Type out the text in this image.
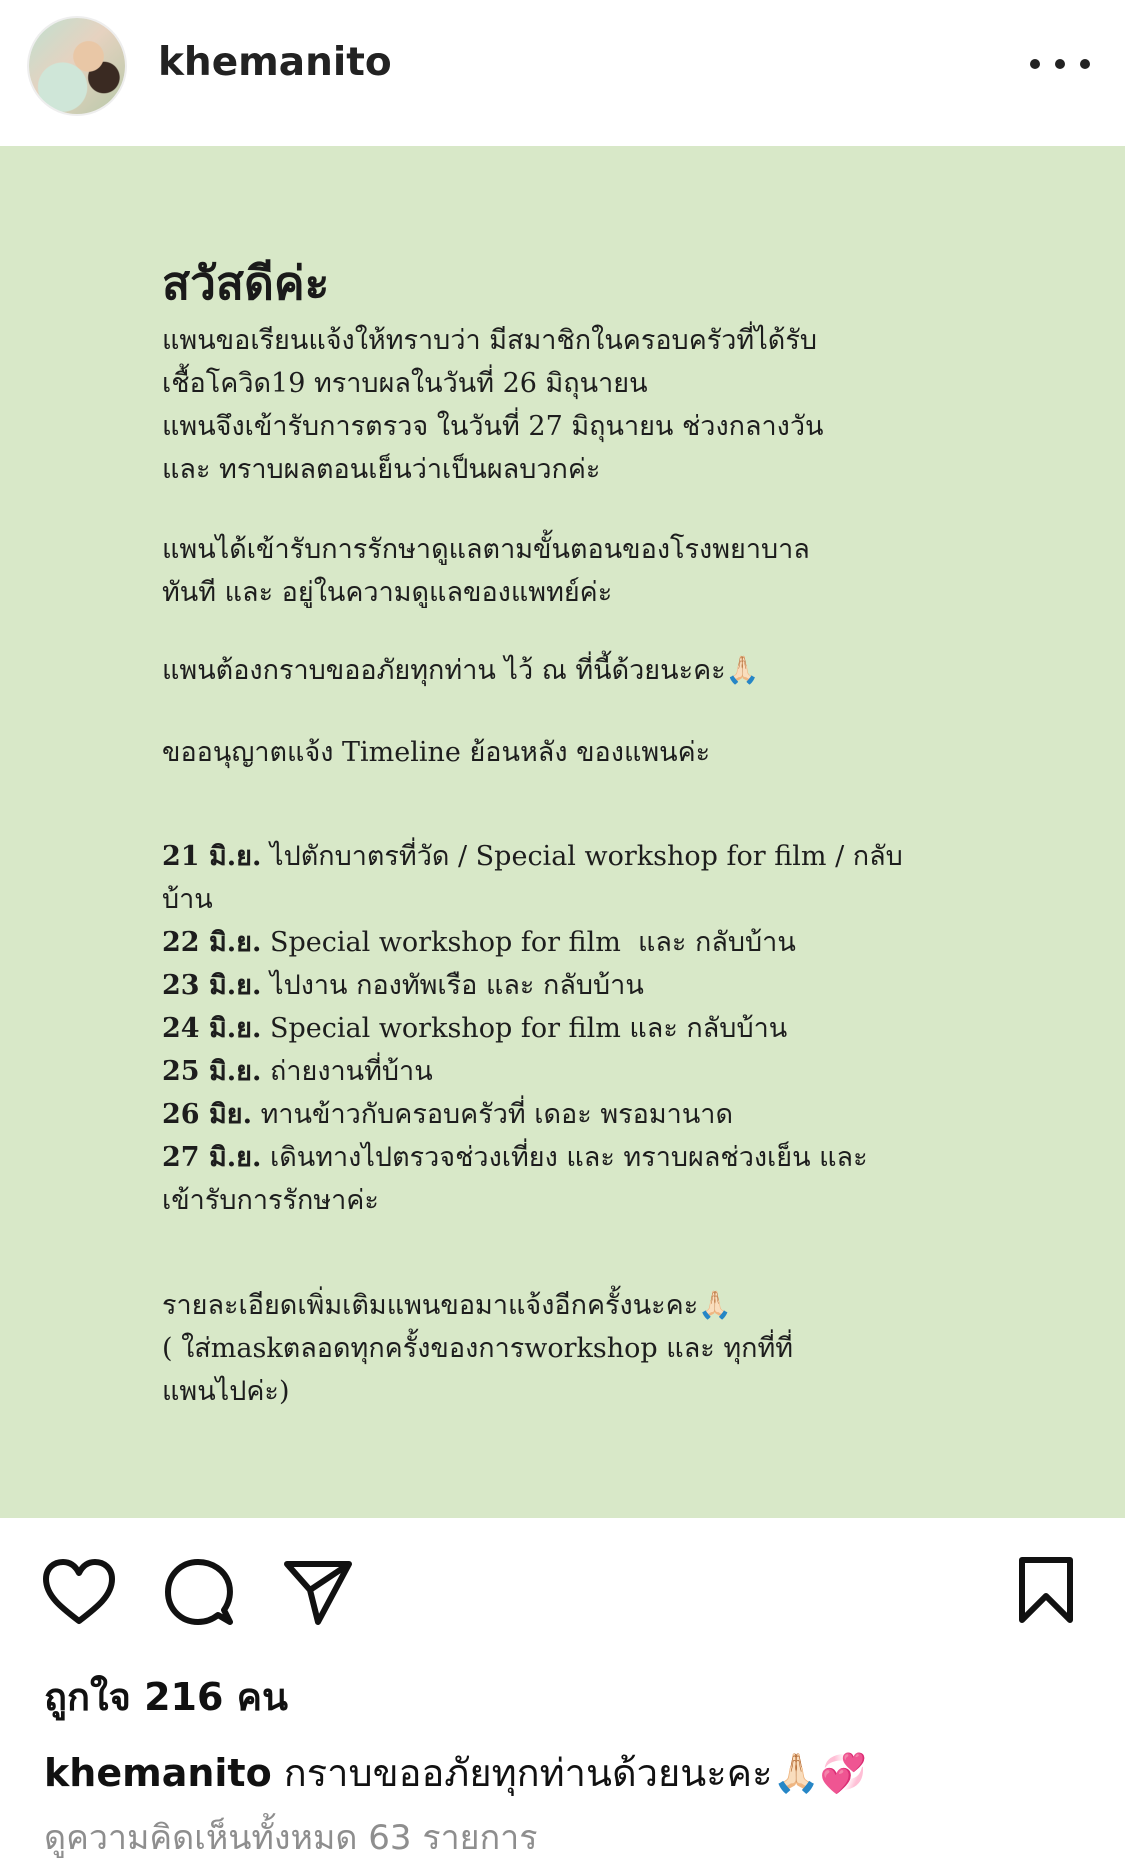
khemanito
สวัสดีค่ะ
แพนขอเรียนแจ้งให้ทราบว่า มีสมาชิกในครอบครัวที่ได้รับ
เชื้อโควิด19 ทราบผลในวันที่ 26 มิถุนายน
แพนจึงเข้ารับการตรวจ ในวันที่ 27 มิถุนายน ช่วงกลางวัน
และ ทราบผลตอนเย็นว่าเป็นผลบวกค่ะ
แพนได้เข้ารับการรักษาดูแลตามขั้นตอนของโรงพยาบาล
ทันที และ อยู่ในความดูแลของแพทย์ค่ะ
แพนต้องกราบขออภัยทุกท่าน ไว้ ณ ที่นี้ด้วยนะคะ🙏🏻
ขออนุญาตแจ้ง Timeline ย้อนหลัง ของแพนค่ะ
21 มิ.ย. ไปตักบาตรที่วัด / Special workshop for film / กลับ
บ้าน
22 มิ.ย. Special workshop for film  และ กลับบ้าน
23 มิ.ย. ไปงาน กองทัพเรือ และ กลับบ้าน
24 มิ.ย. Special workshop for film และ กลับบ้าน
25 มิ.ย. ถ่ายงานที่บ้าน
26 มิย. ทานข้าวกับครอบครัวที่ เดอะ พรอมานาด
27 มิ.ย. เดินทางไปตรวจช่วงเที่ยง และ ทราบผลช่วงเย็น และ
เข้ารับการรักษาค่ะ
รายละเอียดเพิ่มเติมแพนขอมาแจ้งอีกครั้งนะคะ🙏🏻
( ใส่maskตลอดทุกครั้งของการworkshop และ ทุกที่ที่
แพนไปค่ะ)
ถูกใจ 216 คน
khemanito กราบขออภัยทุกท่านด้วยนะคะ🙏🏻💞
ดูความคิดเห็นทั้งหมด 63 รายการ
